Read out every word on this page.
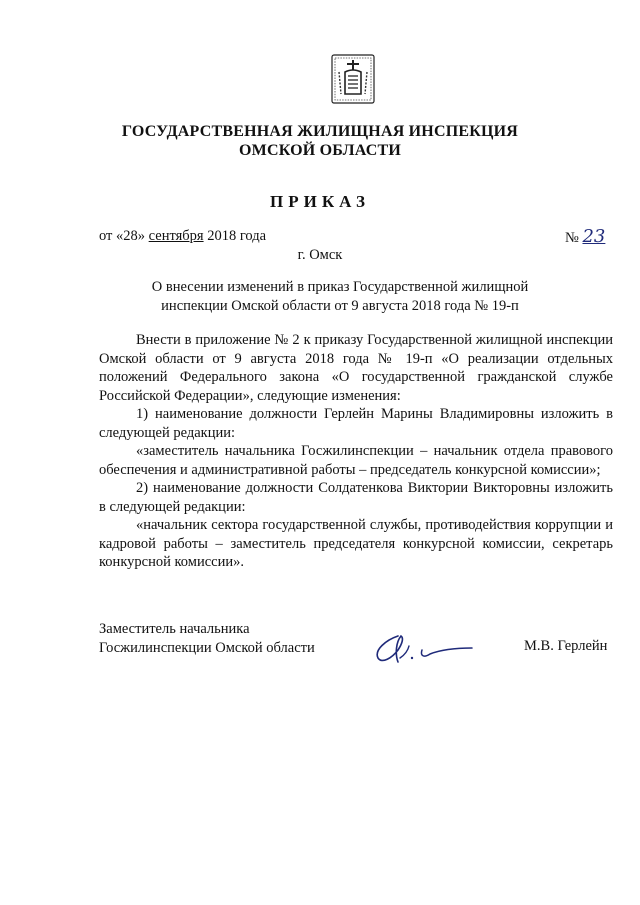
ГОСУДАРСТВЕННАЯ ЖИЛИЩНАЯ ИНСПЕКЦИЯ
ОМСКОЙ ОБЛАСТИ
ПРИКАЗ
от «28» сентября 2018 года	№ 23
г. Омск
О внесении изменений в приказ Государственной жилищной
инспекции Омской области от 9 августа 2018 года № 19-п

Внести в приложение № 2 к приказу Государственной жилищной инспекции Омской области от 9 августа 2018 года № 19-п «О реализации отдельных положений Федерального закона «О государственной гражданской службе Российской Федерации», следующие изменения:

1) наименование должности Герлейн Марины Владимировны изложить в следующей редакции:

«заместитель начальника Госжилинспекции – начальник отдела правового обеспечения и административной работы – председатель конкурсной комиссии»;

2) наименование должности Солдатенкова Виктории Викторовны изложить в следующей редакции:

«начальник сектора государственной службы, противодействия коррупции и кадровой работы – заместитель председателя конкурсной комиссии, секретарь конкурсной комиссии».

Заместитель начальника
Госжилинспекции Омской области	М.В. Герлейн
